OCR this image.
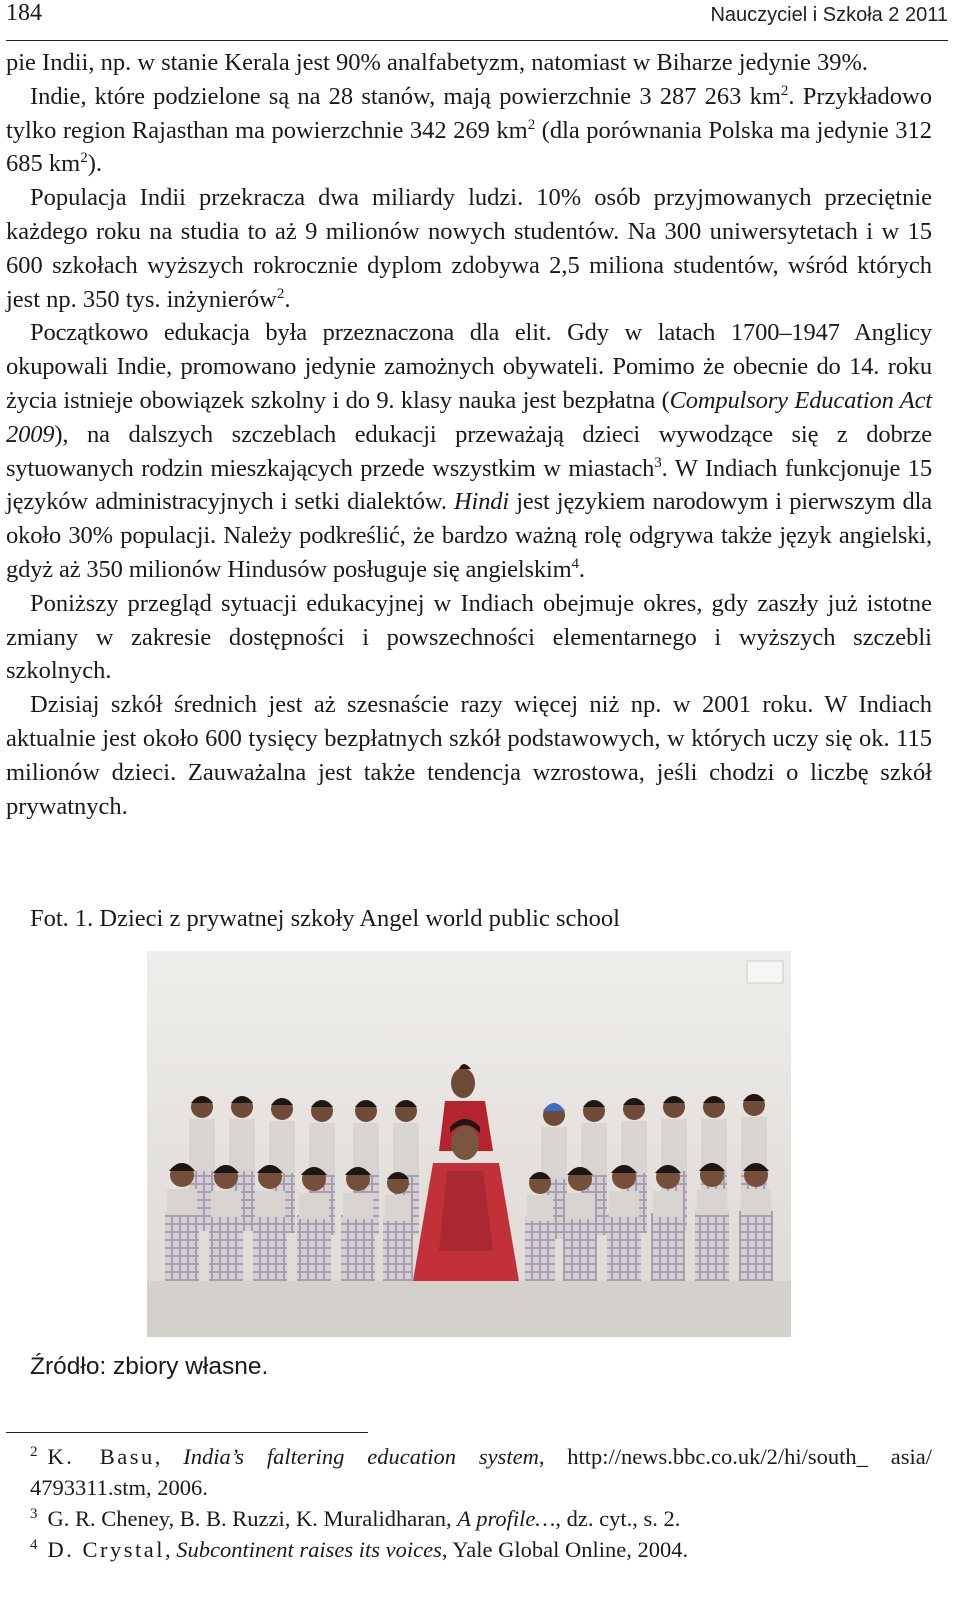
184	Nauczyciel i Szkoła 2 2011

pie Indii, np. w stanie Kerala jest 90% analfabetyzm, natomiast w Biharze jedynie 39%.

Indie, które podzielone są na 28 stanów, mają powierzchnie 3 287 263 $km^2$. Przykładowo tylko region Rajasthan ma powierzchnie 342 269 $km^2$ (dla porównania Polska ma jedynie 312 685 $km^2$).

Populacja Indii przekracza dwa miliardy ludzi. 10% osób przyjmowanych przeciętnie każdego roku na studia to aż 9 milionów nowych studentów. Na 300 uniwersytetach i w 15 600 szkołach wyższych rokrocznie dyplom zdobywa 2,5 miliona studentów, wśród których jest np. 350 tys. inżynierów$^2$.

Początkowo edukacja była przeznaczona dla elit. Gdy w latach 1700–1947 Anglicy okupowali Indie, promowano jedynie zamożnych obywateli. Pomimo że obecnie do 14. roku życia istnieje obowiązek szkolny i do 9. klasy nauka jest bezpłatna (Compulsory Education Act 2009), na dalszych szczeblach edukacji przeważają dzieci wywodzące się z dobrze sytuowanych rodzin mieszkających przede wszystkim w miastach$^3$. W Indiach funkcjonuje 15 języków administracyjnych i setki dialektów. Hindi jest językiem narodowym i pierwszym dla około 30% populacji. Należy podkreślić, że bardzo ważną rolę odgrywa także język angielski, gdyż aż 350 milionów Hindusów posługuje się angielskim$^4$.

Poniższy przegląd sytuacji edukacyjnej w Indiach obejmuje okres, gdy zaszły już istotne zmiany w zakresie dostępności i powszechności elementarnego i wyższych szczebli szkolnych.

Dzisiaj szkół średnich jest aż szesnaście razy więcej niż np. w 2001 roku. W Indiach aktualnie jest około 600 tysięcy bezpłatnych szkół podstawowych, w których uczy się ok. 115 milionów dzieci. Zauważalna jest także tendencja wzrostowa, jeśli chodzi o liczbę szkół prywatnych.

Fot. 1. Dzieci z prywatnej szkoły Angel world public school
Źródło: zbiory własne.

$^2$ K. Basu, India’s faltering education system, http://news.bbc.co.uk/2/hi/south_ asia/ 4793311.stm, 2006.

$^3$ G. R. Cheney, B. B. Ruzzi, K. Muralidharan, A profile…, dz. cyt., s. 2.

$^4$ D. Crystal, Subcontinent raises its voices, Yale Global Online, 2004.
